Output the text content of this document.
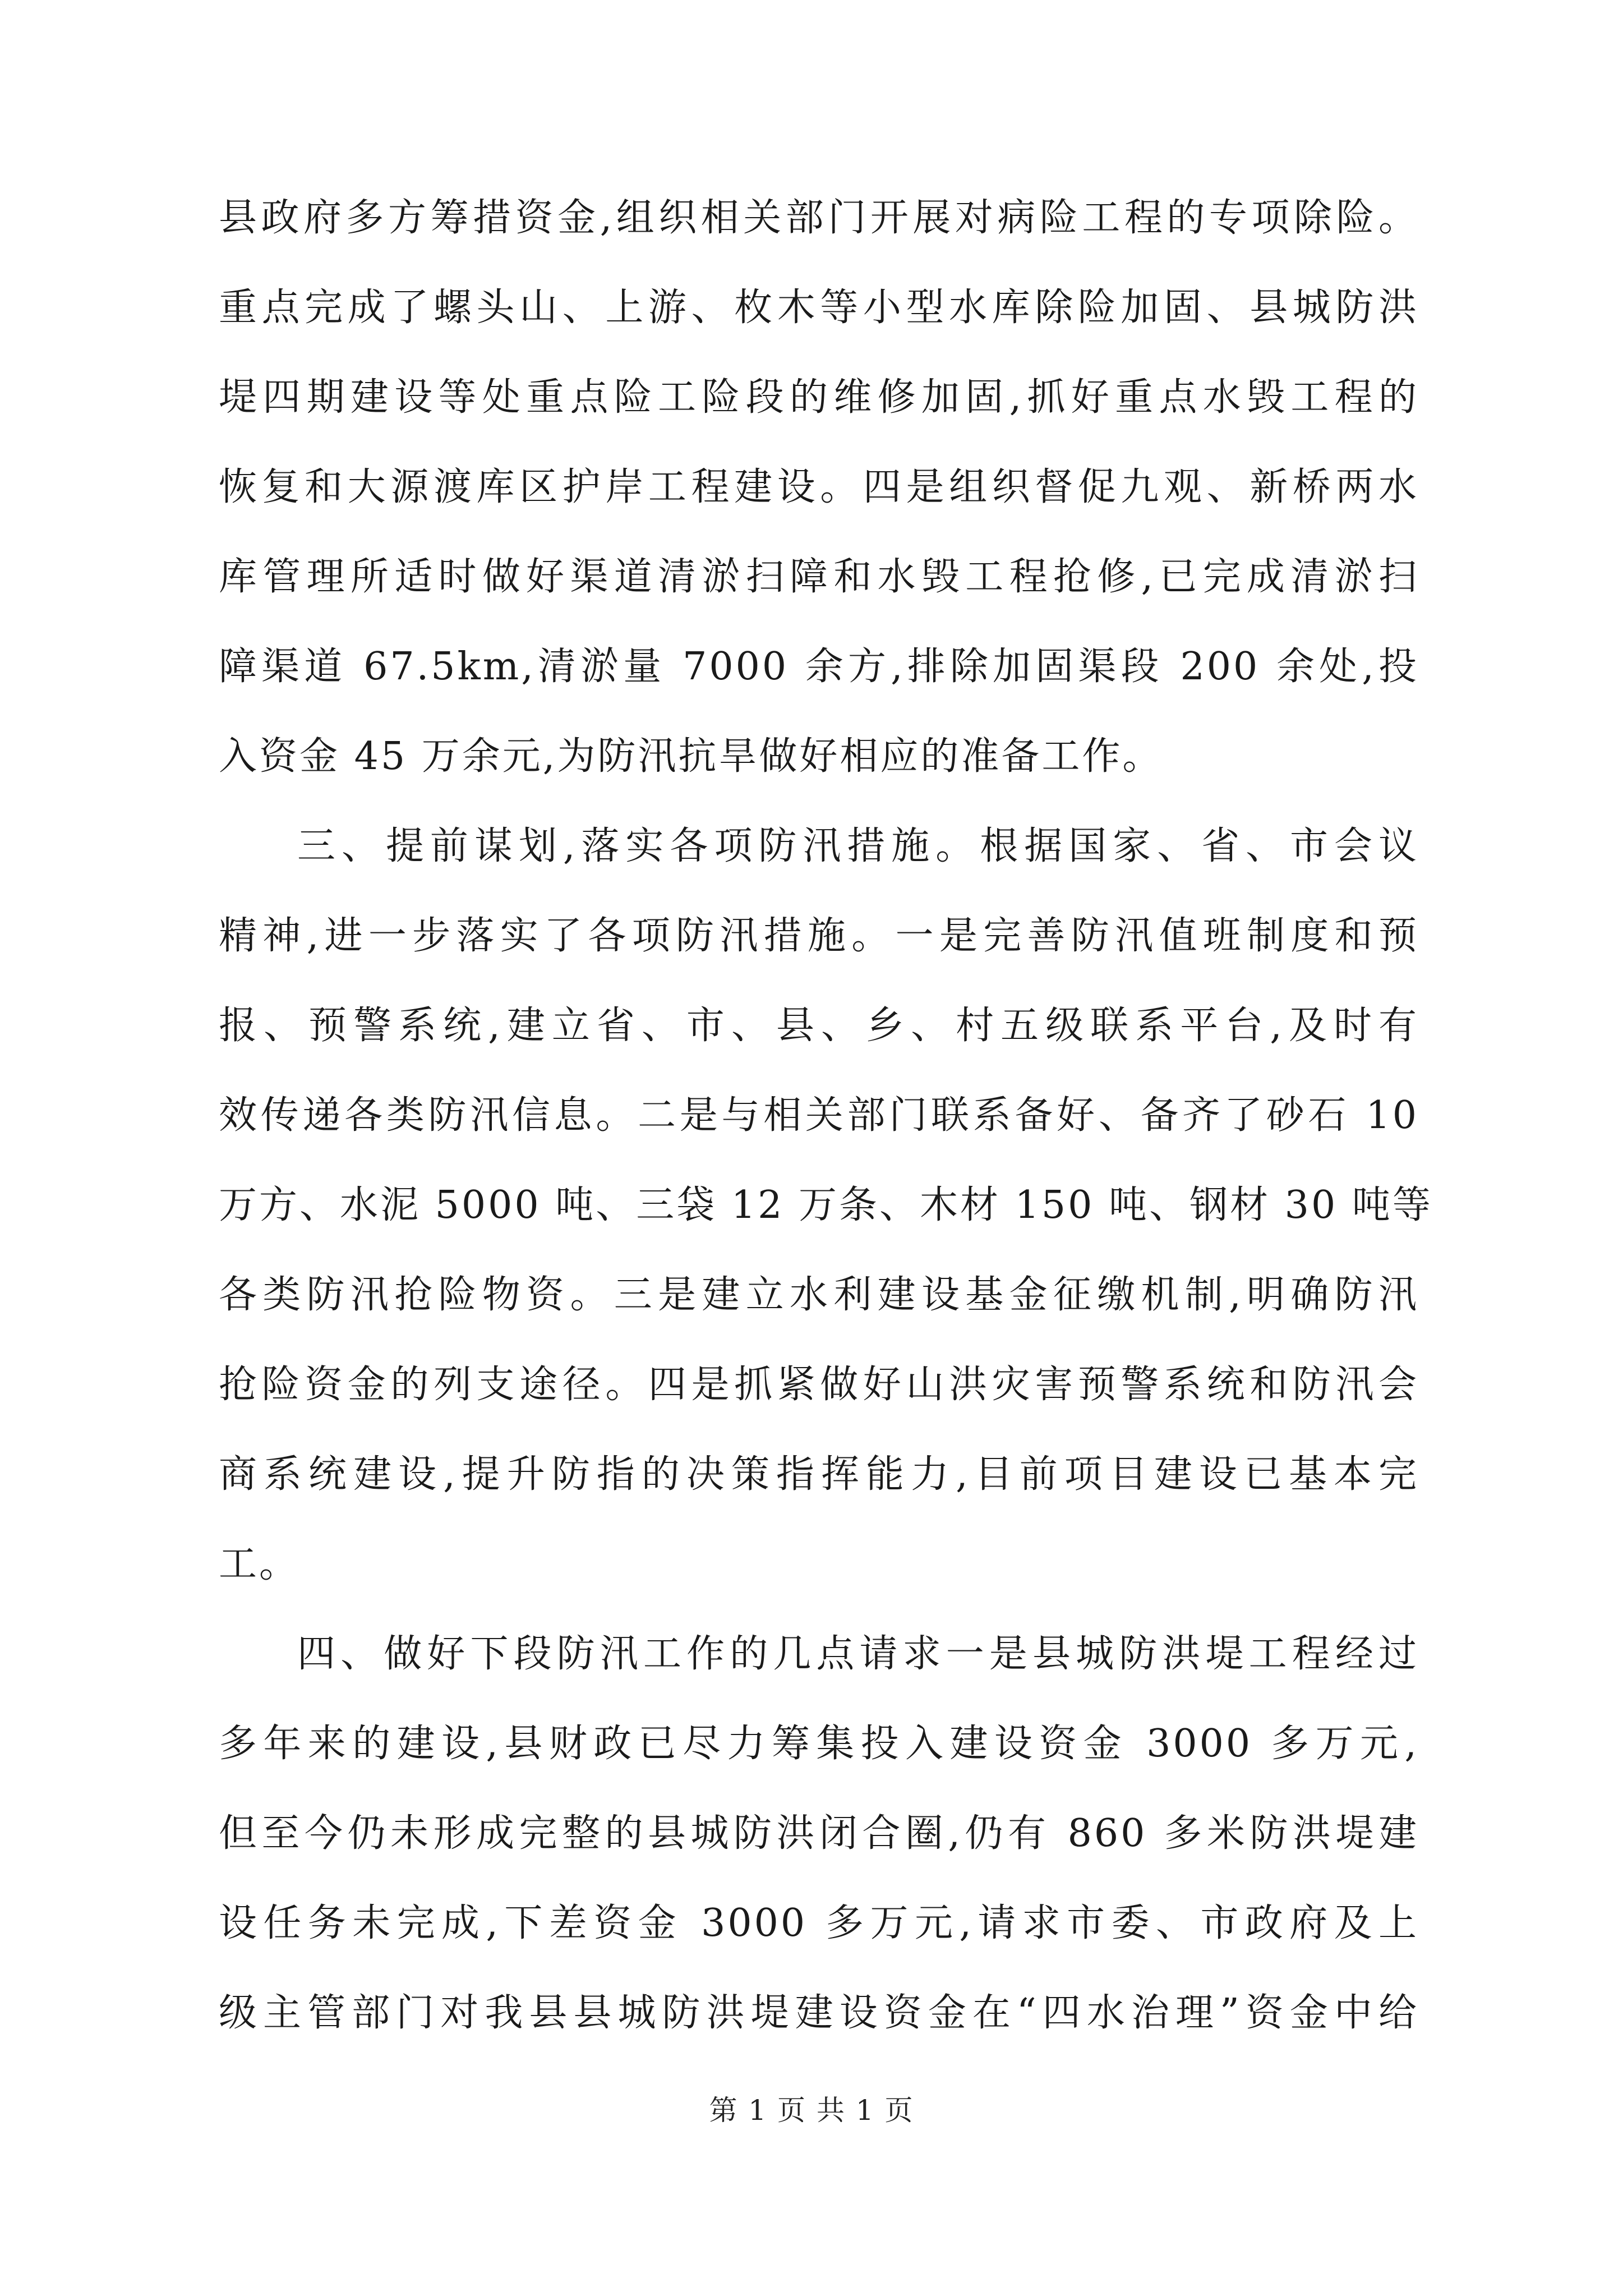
县政府多方筹措资金,组织相关部门开展对病险工程的专项除险。
重点完成了螺头山、上游、枚木等小型水库除险加固、县城防洪
堤四期建设等处重点险工险段的维修加固,抓好重点水毁工程的
恢复和大源渡库区护岸工程建设。四是组织督促九观、新桥两水
库管理所适时做好渠道清淤扫障和水毁工程抢修,已完成清淤扫
障渠道 67.5km,清淤量 7000 余方,排除加固渠段 200 余处,投
入资金 45 万余元,为防汛抗旱做好相应的准备工作。
三、提前谋划,落实各项防汛措施。根据国家、省、市会议
精神,进一步落实了各项防汛措施。一是完善防汛值班制度和预
报、预警系统,建立省、市、县、乡、村五级联系平台,及时有
效传递各类防汛信息。二是与相关部门联系备好、备齐了砂石 10
万方、水泥 5000 吨、三袋 12 万条、木材 150 吨、钢材 30 吨等
各类防汛抢险物资。三是建立水利建设基金征缴机制,明确防汛
抢险资金的列支途径。四是抓紧做好山洪灾害预警系统和防汛会
商系统建设,提升防指的决策指挥能力,目前项目建设已基本完
工。
四、做好下段防汛工作的几点请求一是县城防洪堤工程经过
多年来的建设,县财政已尽力筹集投入建设资金 3000 多万元,
但至今仍未形成完整的县城防洪闭合圈,仍有 860 多米防洪堤建
设任务未完成,下差资金 3000 多万元,请求市委、市政府及上
级主管部门对我县县城防洪堤建设资金在“四水治理”资金中给
第 1 页 共 1 页
